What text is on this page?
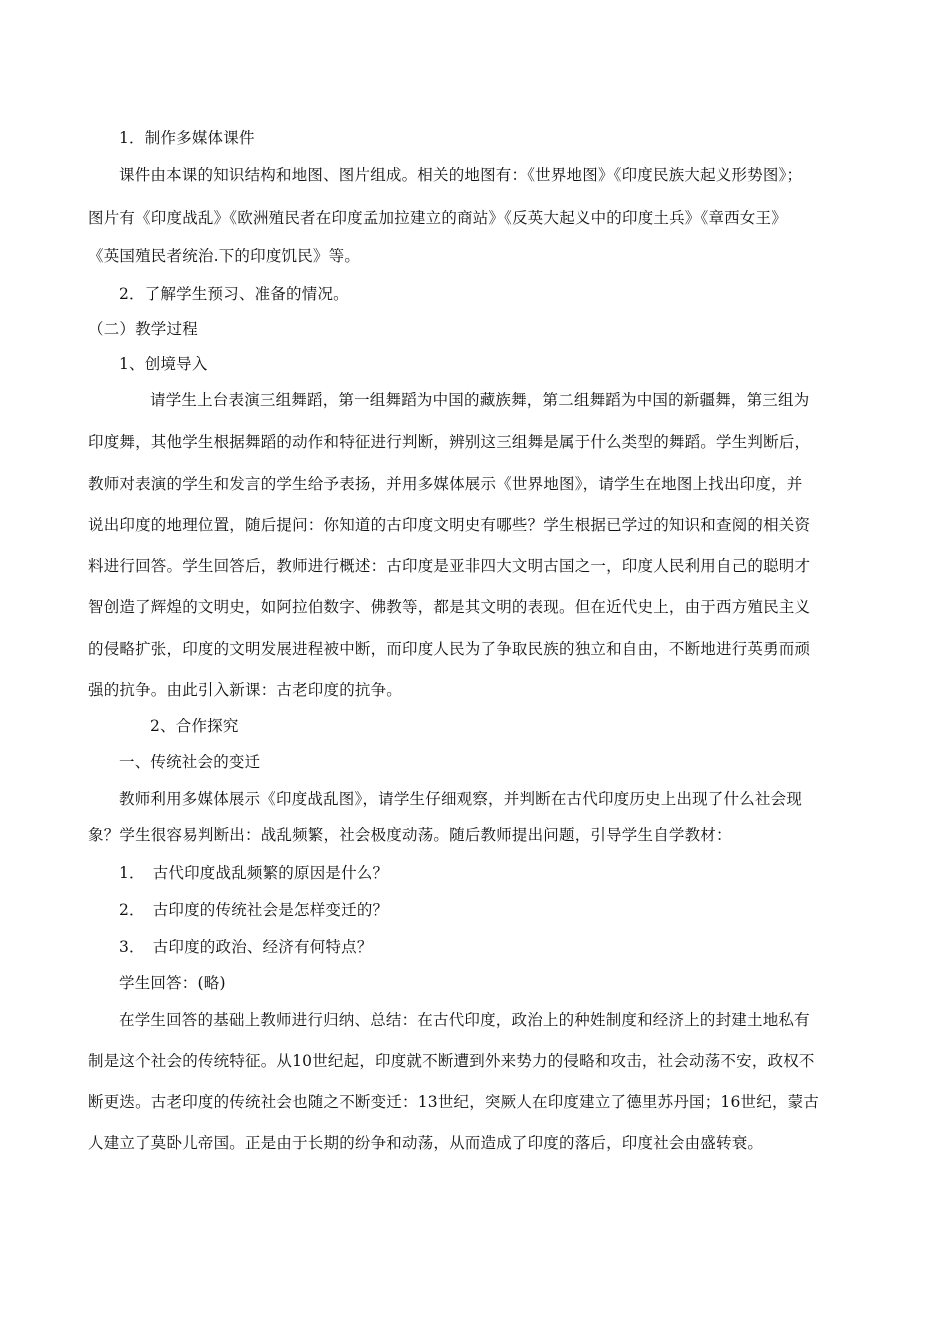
1．制作多媒体课件
课件由本课的知识结构和地图、图片组成。相关的地图有：《世界地图》《印度民族大起义形势图》；
图片有《印度战乱》《欧洲殖民者在印度孟加拉建立的商站》《反英大起义中的印度土兵》《章西女王》
《英国殖民者统治.下的印度饥民》等。
2．了解学生预习、准备的情况。
（二）教学过程
1、创境导入
请学生上台表演三组舞蹈，第一组舞蹈为中国的藏族舞，第二组舞蹈为中国的新疆舞，第三组为
印度舞，其他学生根据舞蹈的动作和特征进行判断，辨别这三组舞是属于什么类型的舞蹈。学生判断后，
教师对表演的学生和发言的学生给予表扬，并用多媒体展示《世界地图》，请学生在地图上找出印度，并
说出印度的地理位置，随后提问：你知道的古印度文明史有哪些？学生根据已学过的知识和查阅的相关资
料进行回答。学生回答后，教师进行概述：古印度是亚非四大文明古国之一，印度人民利用自己的聪明才
智创造了辉煌的文明史，如阿拉伯数字、佛教等，都是其文明的表现。但在近代史上，由于西方殖民主义
的侵略扩张，印度的文明发展进程被中断，而印度人民为了争取民族的独立和自由，不断地进行英勇而顽
强的抗争。由此引入新课：古老印度的抗争。
2、合作探究
一、传统社会的变迁
教师利用多媒体展示《印度战乱图》，请学生仔细观察，并判断在古代印度历史上出现了什么社会现
象？学生很容易判断出：战乱频繁，社会极度动荡。随后教师提出问题，引导学生自学教材：
1．　古代印度战乱频繁的原因是什么？
2．　古印度的传统社会是怎样变迁的？
3．　古印度的政治、经济有何特点？
学生回答：(略)
在学生回答的基础上教师进行归纳、总结：在古代印度，政治上的种姓制度和经济上的封建土地私有
制是这个社会的传统特征。从10世纪起，印度就不断遭到外来势力的侵略和攻击，社会动荡不安，政权不
断更迭。古老印度的传统社会也随之不断变迁：13世纪，突厥人在印度建立了德里苏丹国；16世纪，蒙古
人建立了莫卧儿帝国。正是由于长期的纷争和动荡，从而造成了印度的落后，印度社会由盛转衰。
